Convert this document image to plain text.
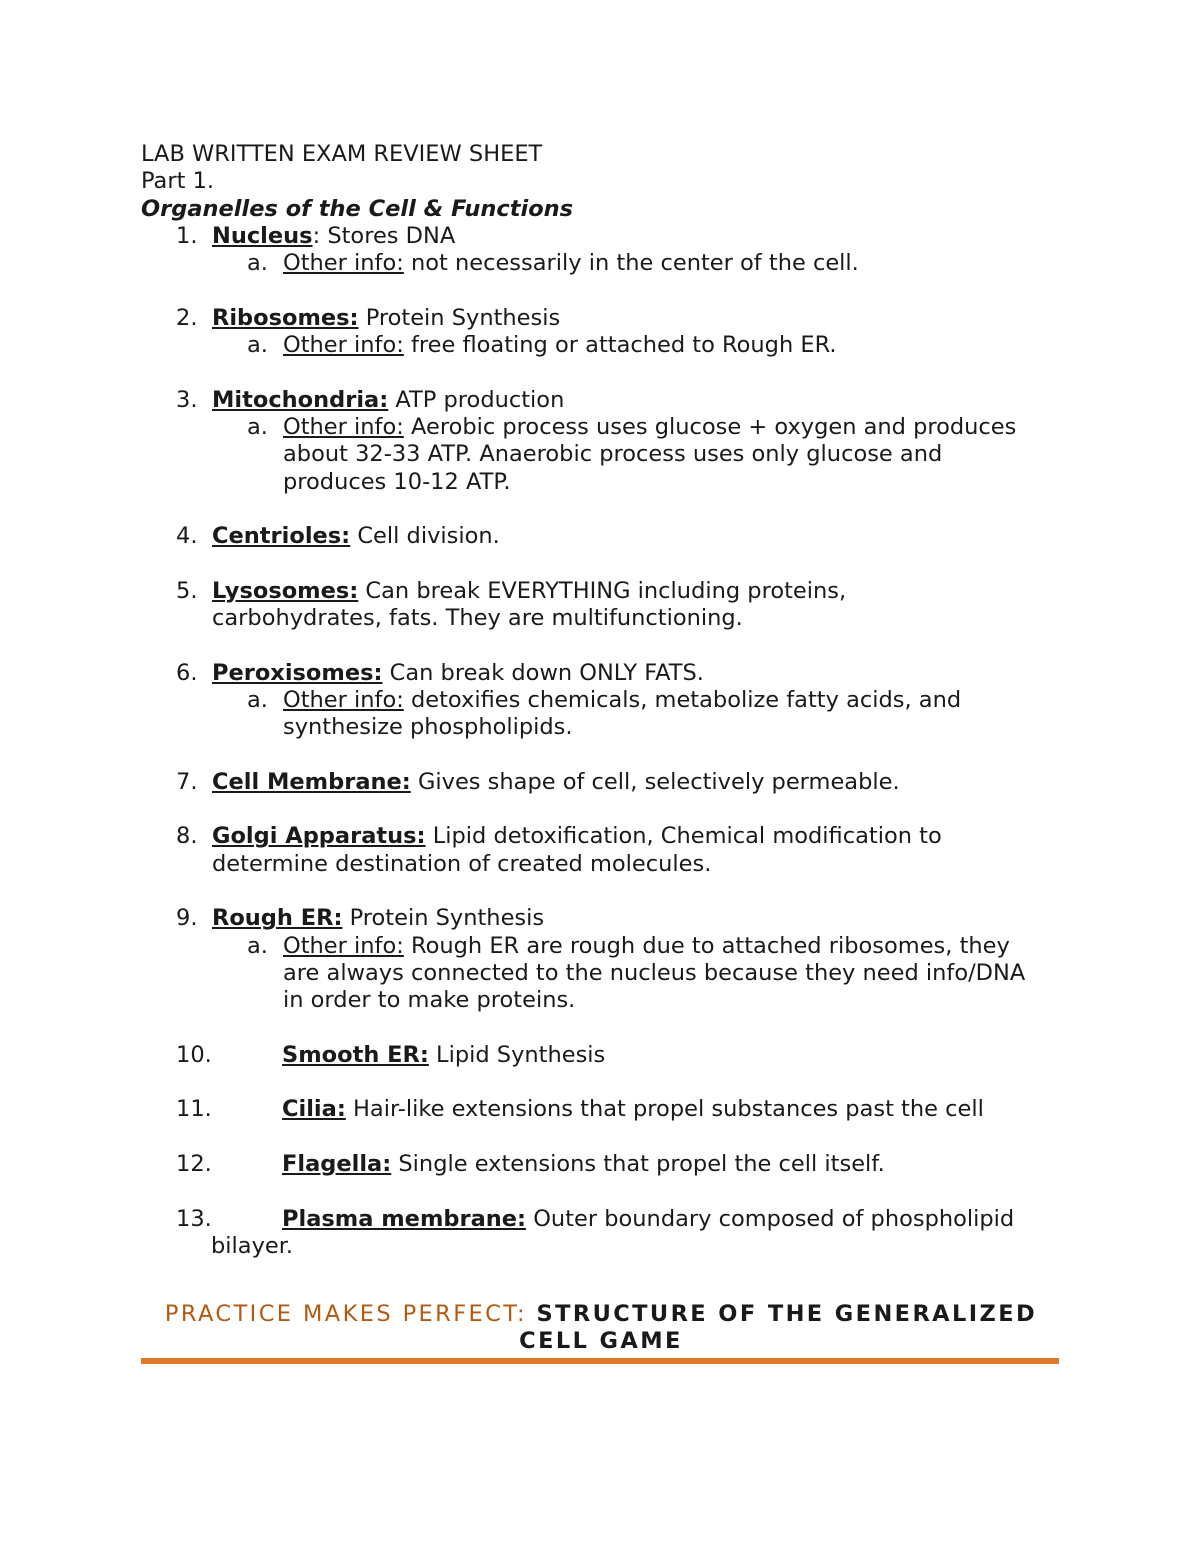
LAB WRITTEN EXAM REVIEW SHEET
Part 1.
Organelles of the Cell & Functions
1. Nucleus: Stores DNA
a. Other info: not necessarily in the center of the cell.
2. Ribosomes: Protein Synthesis
a. Other info: free floating or attached to Rough ER.
3. Mitochondria: ATP production
a. Other info: Aerobic process uses glucose + oxygen and produces
about 32-33 ATP. Anaerobic process uses only glucose and
produces 10-12 ATP.
4. Centrioles: Cell division.
5. Lysosomes: Can break EVERYTHING including proteins,
carbohydrates, fats. They are multifunctioning.
6. Peroxisomes: Can break down ONLY FATS.
a. Other info: detoxifies chemicals, metabolize fatty acids, and
synthesize phospholipids.
7. Cell Membrane: Gives shape of cell, selectively permeable.
8. Golgi Apparatus: Lipid detoxification, Chemical modification to
determine destination of created molecules.
9. Rough ER: Protein Synthesis
a. Other info: Rough ER are rough due to attached ribosomes, they
are always connected to the nucleus because they need info/DNA
in order to make proteins.
10.	Smooth ER: Lipid Synthesis
11.	Cilia: Hair-like extensions that propel substances past the cell
12.	Flagella: Single extensions that propel the cell itself.
13.	Plasma membrane: Outer boundary composed of phospholipid
bilayer.
PRACTICE MAKES PERFECT: STRUCTURE OF THE GENERALIZED
CELL GAME
